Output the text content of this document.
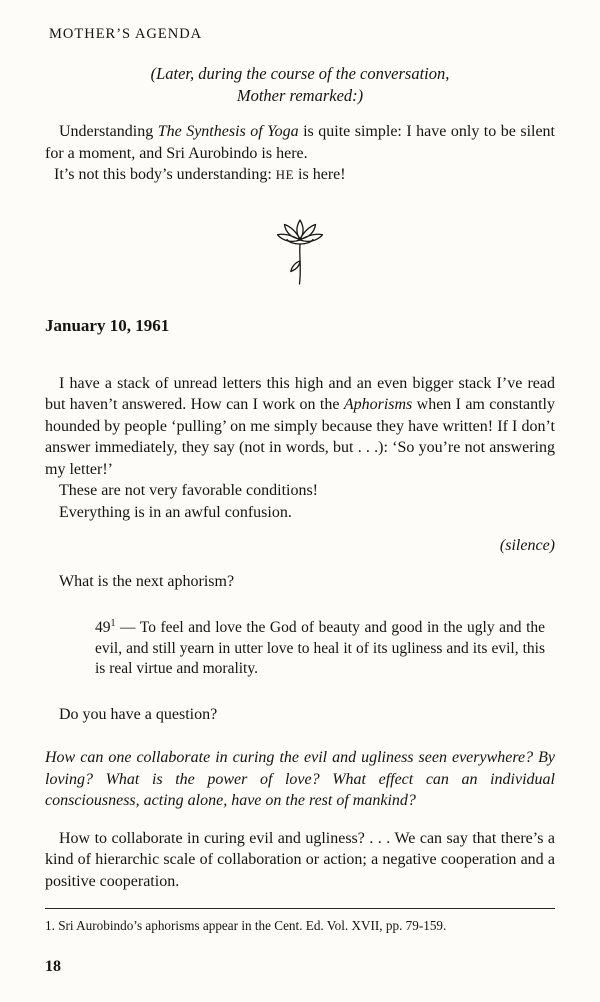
MOTHER’S AGENDA
(Later, during the course of the conversation,
Mother remarked:)

Understanding The Synthesis of Yoga is quite simple: I have only to be silent for a moment, and Sri Aurobindo is here.

It’s not this body’s understanding: HE is here!

January 10, 1961

I have a stack of unread letters this high and an even bigger stack I’ve read but haven’t answered. How can I work on the Aphorisms when I am constantly hounded by people ‘pulling’ on me simply because they have written! If I don’t answer immediately, they say (not in words, but . . .): ‘So you’re not answering my letter!’

These are not very favorable conditions!

Everything is in an awful confusion.

(silence)

What is the next aphorism?

$49^1$ — To feel and love the God of beauty and good in the ugly and the evil, and still yearn in utter love to heal it of its ugliness and its evil, this is real virtue and morality.

Do you have a question?

How can one collaborate in curing the evil and ugliness seen everywhere? By loving? What is the power of love? What effect can an individual consciousness, acting alone, have on the rest of mankind?

How to collaborate in curing evil and ugliness? . . . We can say that there’s a kind of hierarchic scale of collaboration or action; a negative cooperation and a positive cooperation.

1. Sri Aurobindo’s aphorisms appear in the Cent. Ed. Vol. XVII, pp. 79-159.
18
